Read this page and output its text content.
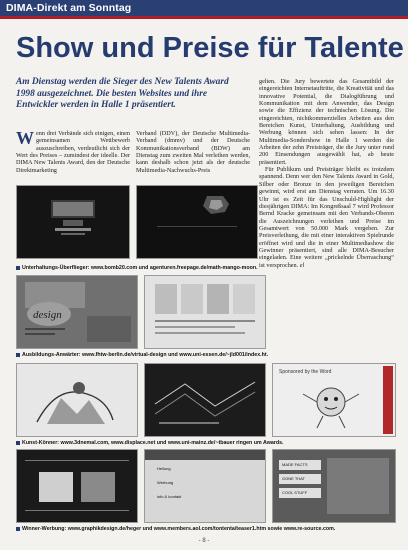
DIMA-Direkt am Sonntag
Show und Preise für Talente
Am Dienstag werden die Sieger des New Talents Award 1998 ausgezeichnet. Die besten Websites und ihre Entwickler werden in Halle 1 präsentiert.

Wenn drei Verbände sich einigen, einen gemeinsamen Wettbewerb auszuschreiben, verdeutlicht sich der Wert des Preises – zumindest der ideelle. Der DIMA New Talents Award, den der Deutsche Direktmarketing

Verband (DDV), der Deutsche Multimedia-Verband (dmmv) und der Deutsche Kommunikationsverband (BDW) am Dienstag zum zweiten Mal verleihen werden, kann deshalb schon jetzt als der deutsche Multimedia-Nachwuchs-Preis

gelten. Die Jury bewertete das Gesamtbild der eingereichten Internetauftritte, die Kreativität und das innovative Potential, die Dialogführung und Kommunikation mit dem Anwender, das Design sowie die Effizienz der technischen Lösung. Die eingereichten, nichtkommerziellen Arbeiten aus den Bereichen Kunst, Unterhaltung, Ausbildung und Werbung können sich sehen lassen: In der Multimedia-Sondershow in Halle 1 werden die Arbeiten der zehn Preisträger, die die Jury unter rund 200 Einsendungen ausgewählt hat, ab heute präsentiert.

Für Publikum und Preisträger bleibt es trotzdem spannend. Denn wer den New Talents Award in Gold, Silber oder Bronze in den jeweiligen Bereichen gewinnt, wird erst am Dienstag verraten. Um 16.30 Uhr ist es Zeit für das Unschuld-Highlight der diesjährigen DIMA: Im Kongreßsaal 7 wird Professor Bernd Kracke gemeinsam mit den Verbands-Oberen die Auszeichnungen verleihen und Preise im Gesamtwert von 50.000 Mark vergeben. Zur Preisverleihung, die mit einer interaktiven Spielrunde eröffnet wird und die in einer Multimediashow die Gewinner präsentiert, sind alle DIMA-Besucher eingeladen. Eine weitere „prickelnde Überraschung“ ist versprochen. el

Unterhaltungs-Überflieger: www.bomb20.com und agenturen.freepage.de/math-mango-moon.
design
Ausbildungs-Anwärter: www.fhtw-berlin.de/virtual-design und www.uni-essen.de/~jld001/index.ht.
Sponsored by the Word
Kunst-Könner: www.3dnemal.com, www.displace.net und www.uni-mainz.de/~tbauer ringen um Awards.
Heilung
Werbung
info & kontakt
MADE FACTS
GONE THAT
COOL STUFF
Winner-Werbung: www.graphikdesign.de/heger und www.members.aol.com/tontenta/teaser1.htm sowie www.re-source.com.
- 8 -
